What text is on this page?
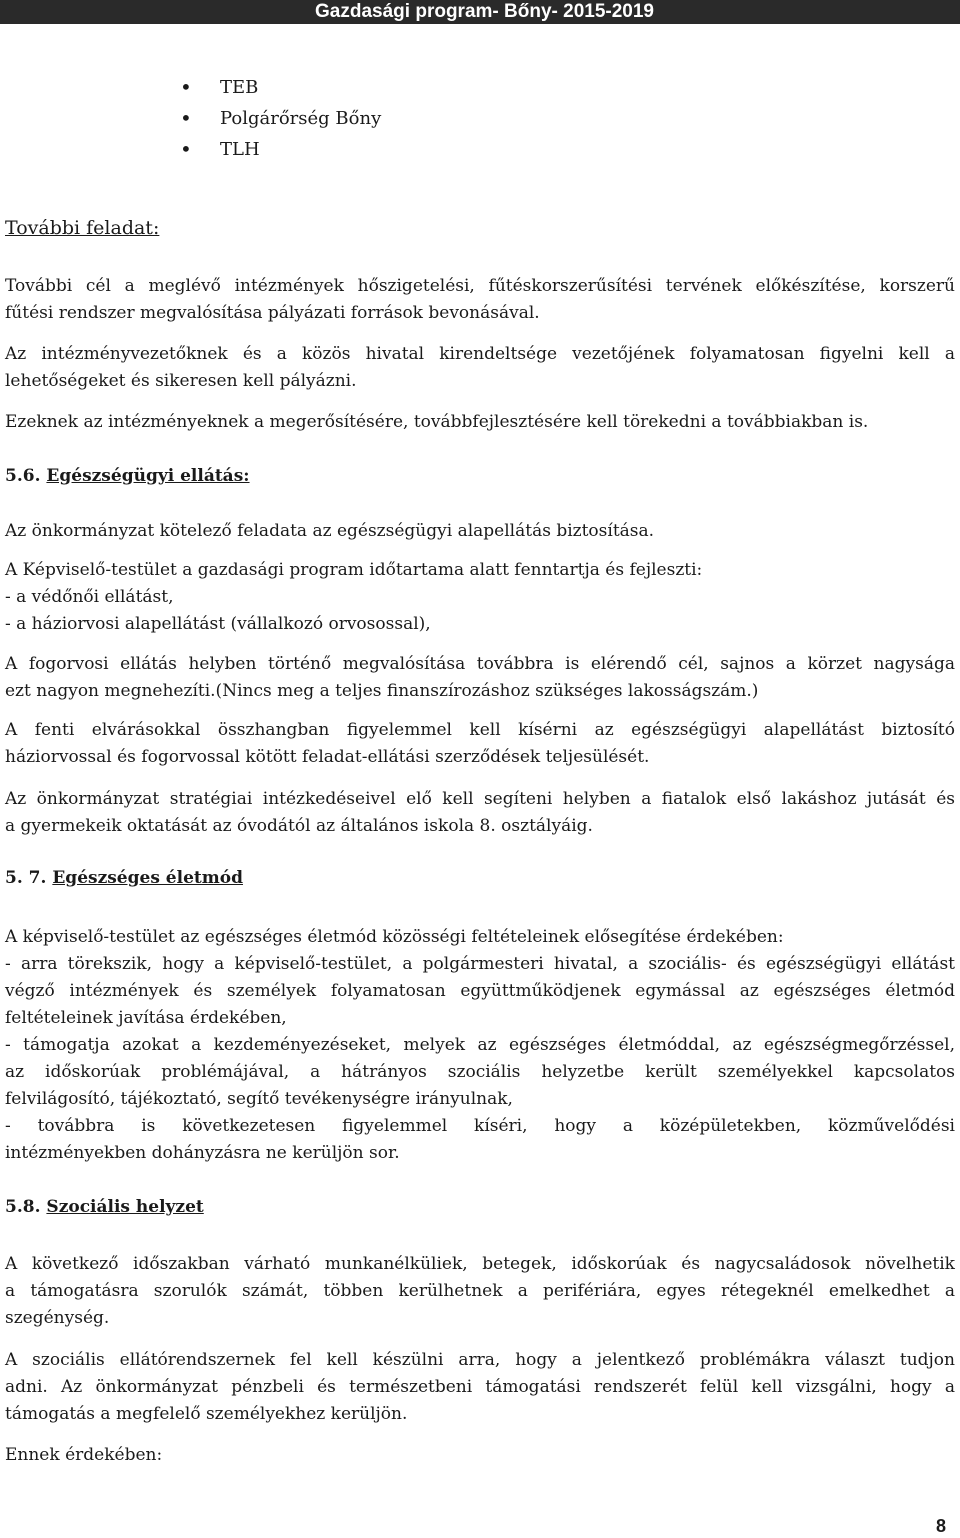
Gazdasági program- Bőny- 2015-2019
• TEB
• Polgárőrség Bőny
• TLH
További feladat:
További cél a meglévő intézmények hőszigetelési, fűtéskorszerűsítési tervének előkészítése, korszerű
fűtési rendszer megvalósítása pályázati források bevonásával.
Az intézményvezetőknek és a közös hivatal kirendeltsége vezetőjének folyamatosan figyelni kell a
lehetőségeket és sikeresen kell pályázni.
Ezeknek az intézményeknek a megerősítésére, továbbfejlesztésére kell törekedni a továbbiakban is.
5.6. Egészségügyi ellátás:
Az önkormányzat kötelező feladata az egészségügyi alapellátás biztosítása.
A Képviselő-testület a gazdasági program időtartama alatt fenntartja és fejleszti:
- a védőnői ellátást,
- a háziorvosi alapellátást (vállalkozó orvosossal),
A fogorvosi ellátás helyben történő megvalósítása továbbra is elérendő cél, sajnos a körzet nagysága
ezt nagyon megnehezíti.(Nincs meg a teljes finanszírozáshoz szükséges lakosságszám.)
A fenti elvárásokkal összhangban figyelemmel kell kísérni az egészségügyi alapellátást biztosító
háziorvossal és fogorvossal kötött feladat-ellátási szerződések teljesülését.
Az önkormányzat stratégiai intézkedéseivel elő kell segíteni helyben a fiatalok első lakáshoz jutását és
a gyermekeik oktatását az óvodától az általános iskola 8. osztályáig.
5. 7. Egészséges életmód
A képviselő-testület az egészséges életmód közösségi feltételeinek elősegítése érdekében:
- arra törekszik, hogy a képviselő-testület, a polgármesteri hivatal, a szociális- és egészségügyi ellátást
végző intézmények és személyek folyamatosan együttműködjenek egymással az egészséges életmód
feltételeinek javítása érdekében,
- támogatja azokat a kezdeményezéseket, melyek az egészséges életmóddal, az egészségmegőrzéssel,
az időskorúak problémájával, a hátrányos szociális helyzetbe került személyekkel kapcsolatos
felvilágosító, tájékoztató, segítő tevékenységre irányulnak,
- továbbra is következetesen figyelemmel kíséri, hogy a középületekben, közművelődési
intézményekben dohányzásra ne kerüljön sor.
5.8. Szociális helyzet
A következő időszakban várható munkanélküliek, betegek, időskorúak és nagycsaládosok növelhetik
a támogatásra szorulók számát, többen kerülhetnek a perifériára, egyes rétegeknél emelkedhet a
szegénység.
A szociális ellátórendszernek fel kell készülni arra, hogy a jelentkező problémákra választ tudjon
adni. Az önkormányzat pénzbeli és természetbeni támogatási rendszerét felül kell vizsgálni, hogy a
támogatás a megfelelő személyekhez kerüljön.
Ennek érdekében:
8
